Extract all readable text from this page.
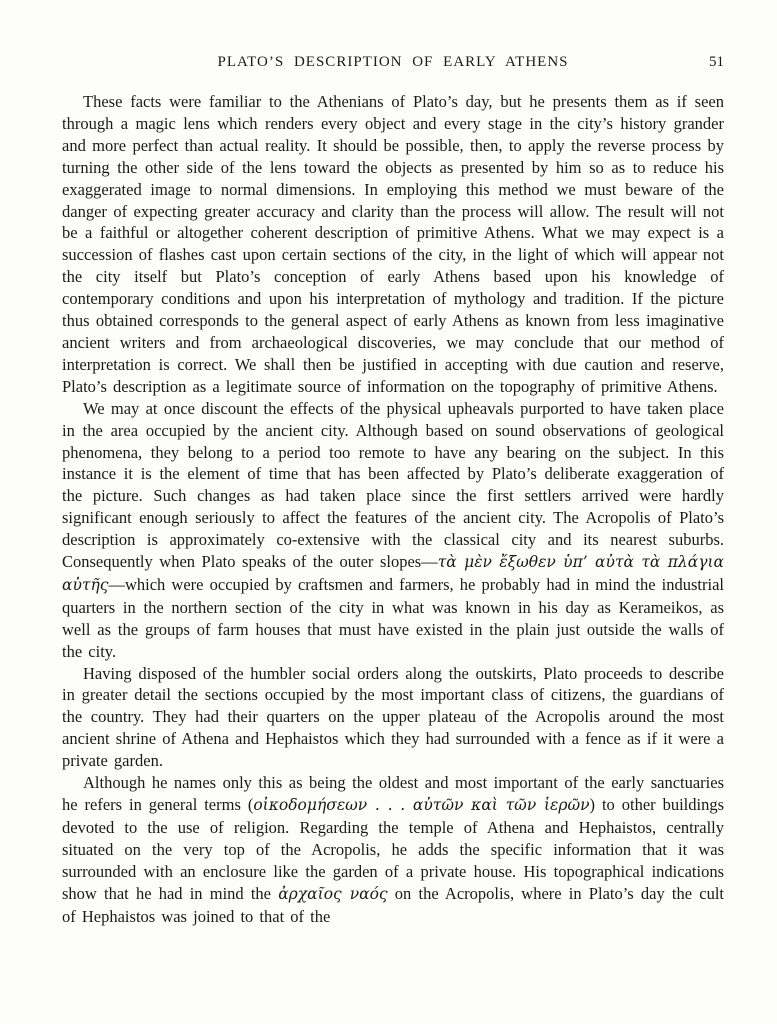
PLATO’S DESCRIPTION OF EARLY ATHENS	51

These facts were familiar to the Athenians of Plato’s day, but he presents them as if seen through a magic lens which renders every object and every stage in the city’s history grander and more perfect than actual reality. It should be possible, then, to apply the reverse process by turning the other side of the lens toward the objects as presented by him so as to reduce his exaggerated image to normal dimensions. In employing this method we must beware of the danger of expecting greater accuracy and clarity than the process will allow. The result will not be a faithful or altogether coherent description of primitive Athens. What we may expect is a succession of flashes cast upon certain sections of the city, in the light of which will appear not the city itself but Plato’s conception of early Athens based upon his knowledge of contemporary conditions and upon his interpretation of mythology and tradition. If the picture thus obtained corresponds to the general aspect of early Athens as known from less imaginative ancient writers and from archaeological discoveries, we may conclude that our method of interpretation is correct. We shall then be justified in accepting with due caution and reserve, Plato’s description as a legitimate source of information on the topography of primitive Athens.

We may at once discount the effects of the physical upheavals purported to have taken place in the area occupied by the ancient city. Although based on sound observations of geological phenomena, they belong to a period too remote to have any bearing on the subject. In this instance it is the element of time that has been affected by Plato’s deliberate exaggeration of the picture. Such changes as had taken place since the first settlers arrived were hardly significant enough seriously to affect the features of the ancient city. The Acropolis of Plato’s description is approximately co-extensive with the classical city and its nearest suburbs. Consequently when Plato speaks of the outer slopes—τὰ μὲν ἔξωθεν ὑπ’ αὐτὰ τὰ πλάγια αὐτῆς—which were occupied by craftsmen and farmers, he probably had in mind the industrial quarters in the northern section of the city in what was known in his day as Kerameikos, as well as the groups of farm houses that must have existed in the plain just outside the walls of the city.

Having disposed of the humbler social orders along the outskirts, Plato proceeds to describe in greater detail the sections occupied by the most important class of citizens, the guardians of the country. They had their quarters on the upper plateau of the Acropolis around the most ancient shrine of Athena and Hephaistos which they had surrounded with a fence as if it were a private garden.

Although he names only this as being the oldest and most important of the early sanctuaries he refers in general terms (οἰκοδομήσεων . . . αὐτῶν καὶ τῶν ἱερῶν) to other buildings devoted to the use of religion. Regarding the temple of Athena and Hephaistos, centrally situated on the very top of the Acropolis, he adds the specific information that it was surrounded with an enclosure like the garden of a private house. His topographical indications show that he had in mind the ἀρχαῖος ναός on the Acropolis, where in Plato’s day the cult of Hephaistos was joined to that of the
